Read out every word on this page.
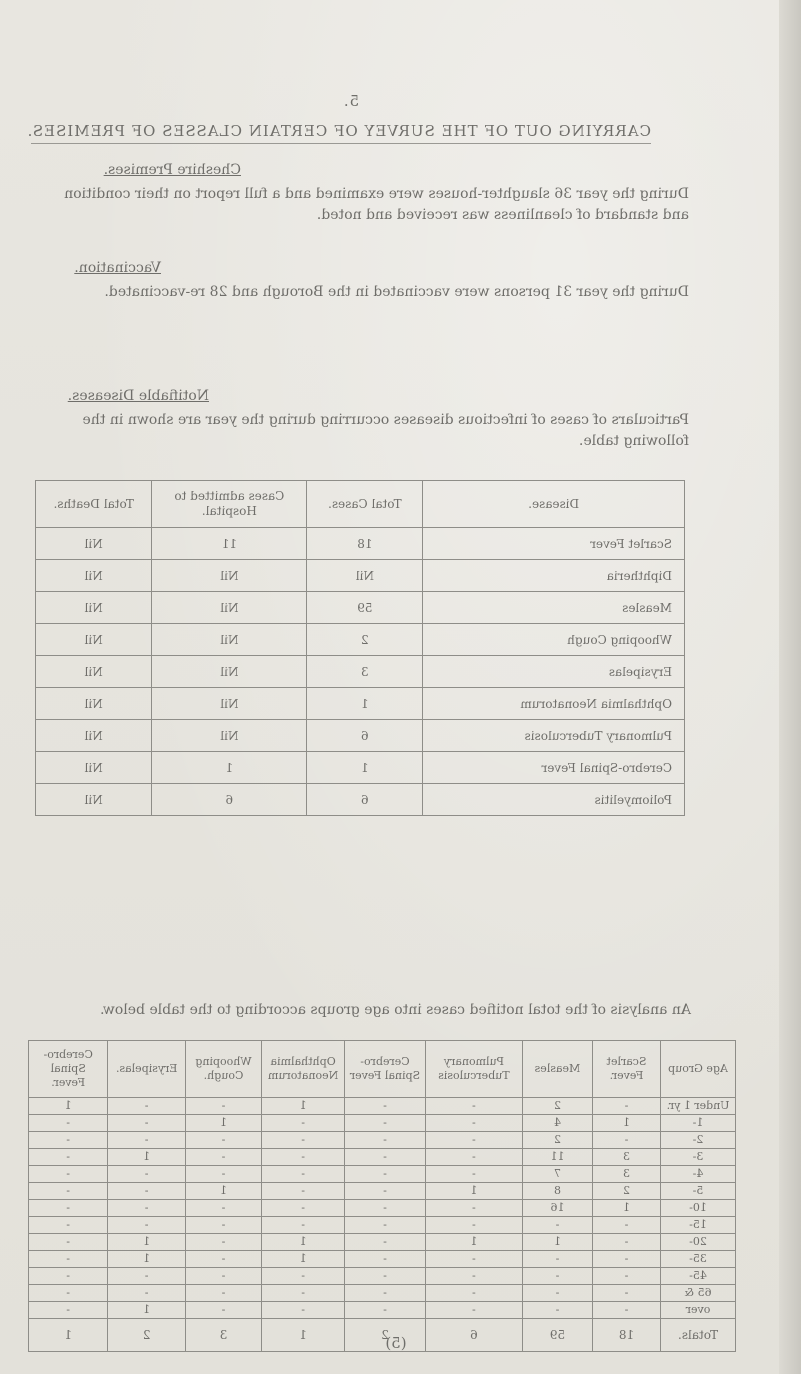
5.
CARRYING OUT OF THE SURVEY OF CERTAIN CLASSES OF PREMISES.
Cheshire Premises.
During the year 36 slaughter-houses were examined and a full report on their condition and standard of cleanliness was received and noted.
Vaccination.
During the year 31 persons were vaccinated in the Borough and 28 re-vaccinated.
Notifiable Diseases.
Particulars of cases of infectious diseases occurring during the year are shown in the following table.
Disease.	Total Cases.	Cases admitted to Hospital.	Total Deaths.
Scarlet Fever	18	11	Nil
Diphtheria	Nil	Nil	Nil
Measles	59	Nil	Nil
Whooping Cough	2	Nil	Nil
Erysipelas	3	Nil	Nil
Ophthalmia Neonatorum	1	Nil	Nil
Pulmonary Tuberculosis	6	Nil	Nil
Cerebro-Spinal Fever	1	1	Nil
Poliomyelitis	6	6	Nil
An analysis of the total notified cases into age groups according to the table below.
Age Group	Scarlet Fever.	Measles	Pulmonary Tuberculosis	Cerebro-Spinal Fever	Ophthalmia Neonatorum	Whooping Cough.	Erysipelas.	Cerebro-Spinal Fever.
Under 1 yr.	-	2	-	-	1	-	-	1
1-	1	4	-	-	-	1	-	-
2-	-	2	-	-	-	-	-	-
3-	3	11	-	-	-	-	1	-
4-	3	7	-	-	-	-	-	-
5-	2	8	1	-	-	1	-	-
10-	1	16	-	-	-	-	-	-
15-	-	-	-	-	-	-	-	-
20-	-	1	1	-	1	-	1	-
35-	-	-	-	-	1	-	1	-
45-	-	-	-	-	-	-	-	-
65 &	-	-	-	-	-	-	-	-
over	-	-	-	-	-	-	1	-
Totals.	18	59	6	2	1	3	2	1	(5)
